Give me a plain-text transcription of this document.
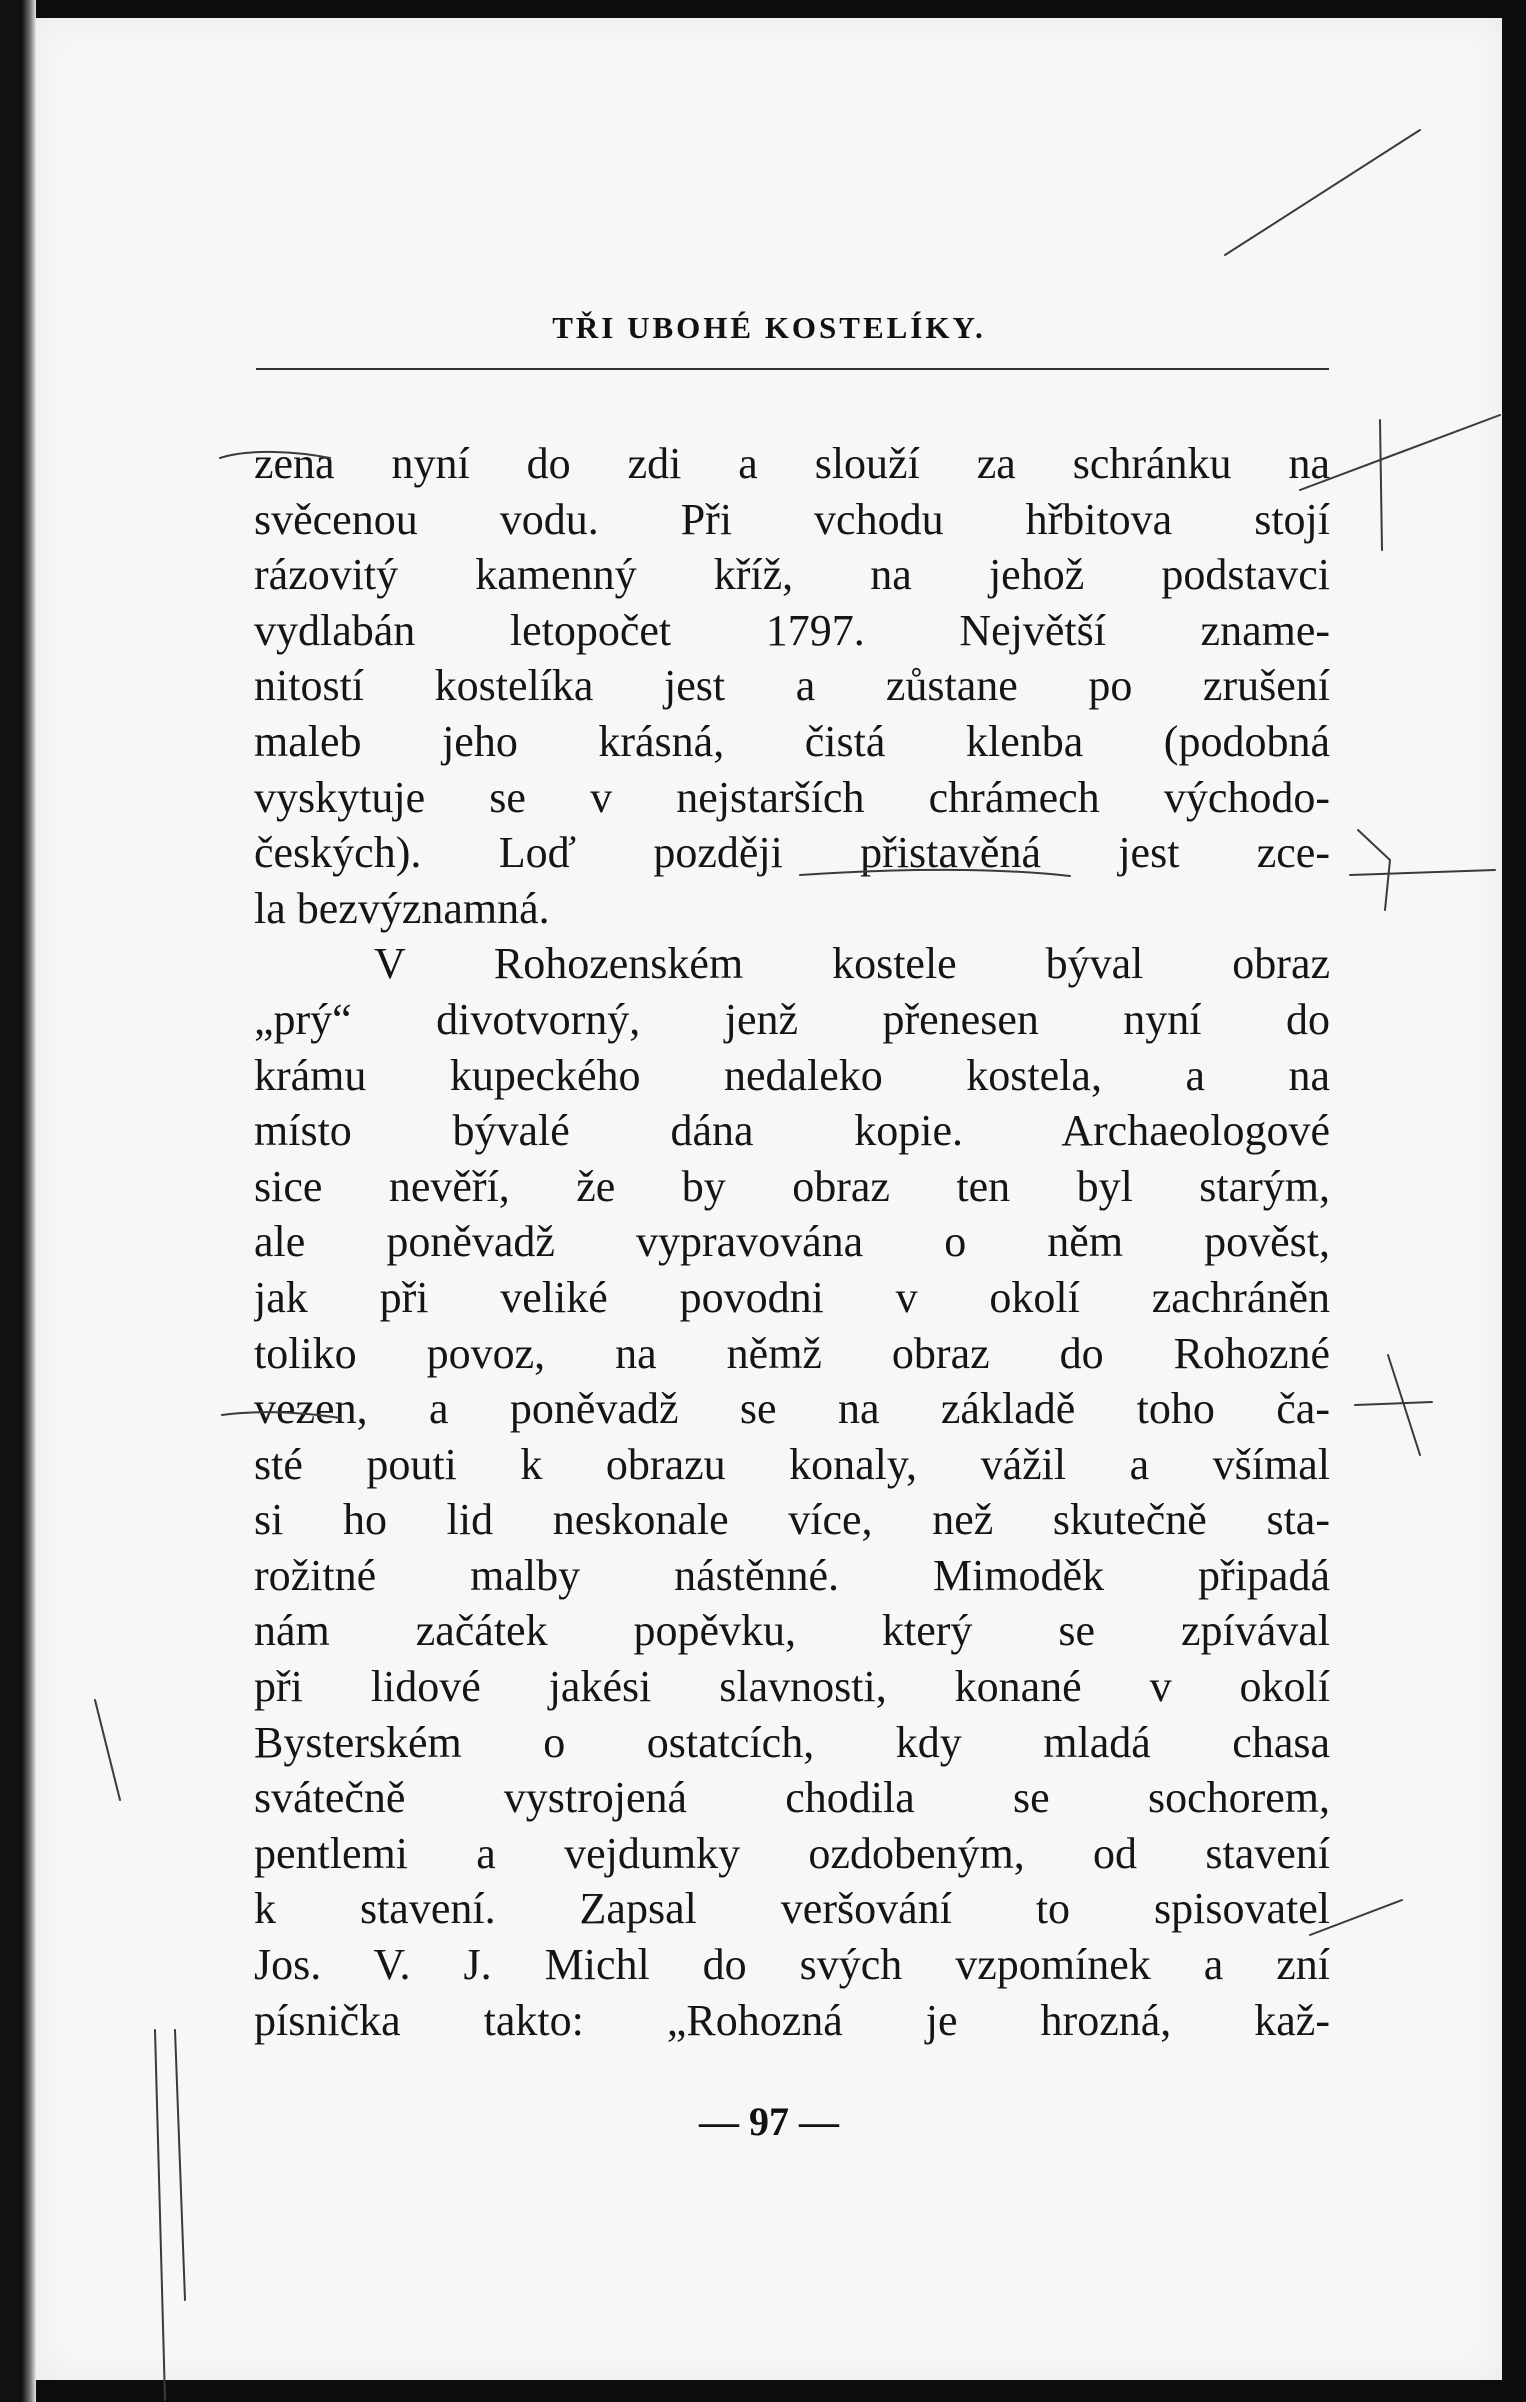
TŘI UBOHÉ KOSTELÍKY.
zena nyní do zdi a slouží za schránku na
svěcenou vodu. Při vchodu hřbitova stojí
rázovitý kamenný kříž, na jehož podstavci
vydlabán letopočet 1797. Největší zname-
nitostí kostelíka jest a zůstane po zrušení
maleb jeho krásná, čistá klenba (podobná
vyskytuje se v nejstarších chrámech východo-
českých). Loď později přistavěná jest zce-
la bezvýznamná.
V Rohozenském kostele býval obraz
„prý“ divotvorný, jenž přenesen nyní do
krámu kupeckého nedaleko kostela, a na
místo bývalé dána kopie. Archaeologové
sice nevěří, že by obraz ten byl starým,
ale poněvadž vypravována o něm pověst,
jak při veliké povodni v okolí zachráněn
toliko povoz, na němž obraz do Rohozné
vezen, a poněvadž se na základě toho ča-
sté pouti k obrazu konaly, vážil a všímal
si ho lid neskonale více, než skutečně sta-
rožitné malby nástěnné. Mimoděk připadá
nám začátek popěvku, který se zpívával
při lidové jakési slavnosti, konané v okolí
Bysterském o ostatcích, kdy mladá chasa
svátečně vystrojená chodila se sochorem,
pentlemi a vejdumky ozdobeným, od stavení
k stavení. Zapsal veršování to spisovatel
Jos. V. J. Michl do svých vzpomínek a zní
písnička takto: „Rohozná je hrozná, kaž-
— 97 —
